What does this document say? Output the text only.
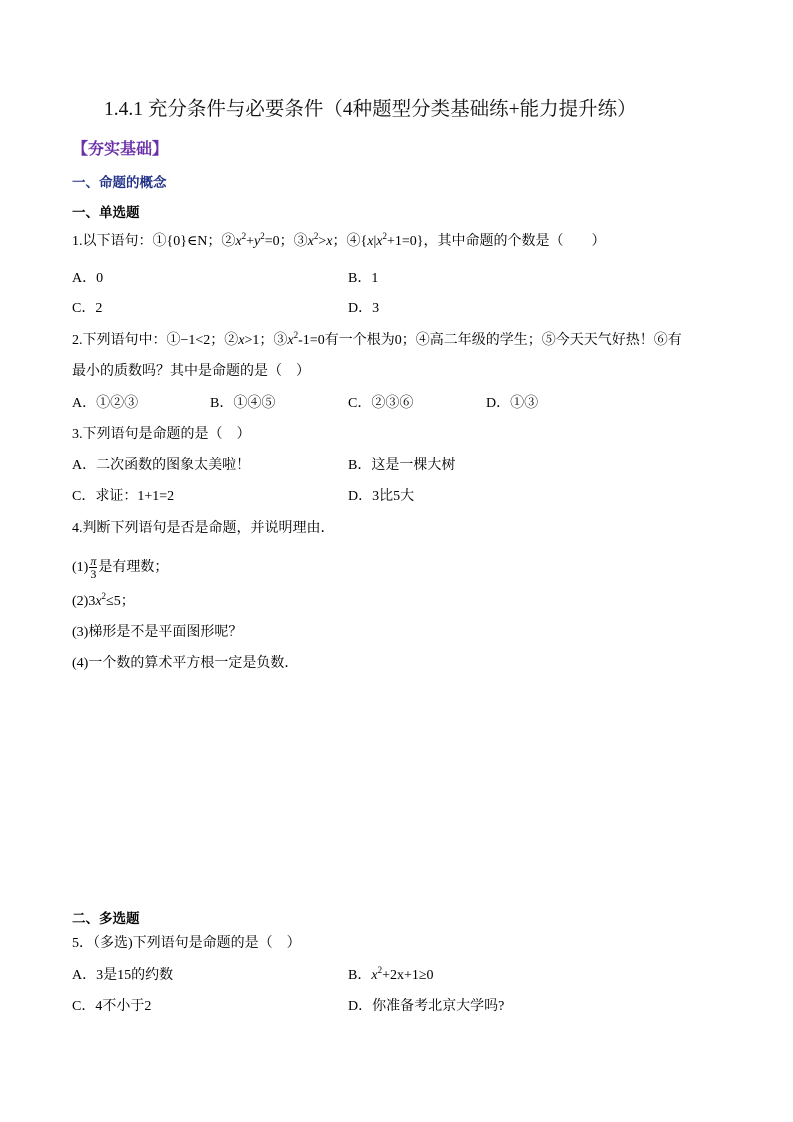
1.4.1 充分条件与必要条件（4种题型分类基础练+能力提升练）
【夯实基础】
一、命题的概念
一、单选题
1.以下语句：①{0}∈N；$②x^2+y^2=0$；$③x^2>x$；$④\{x|x^2+1=0\}$，其中命题的个数是（　　）
A．0	B．1
C．2	D．3
2.下列语句中：①−1<2；②x>1；$③x^2-1=0$有一个根为0；④高二年级的学生；⑤今天天气好热！⑥有
最小的质数吗？其中是命题的是（　）
A．①②③	B．①④⑤	C．②③⑥	D．①③
3.下列语句是命题的是（　）
A．二次函数的图象太美啦！	B．这是一棵大树
C．求证：1+1=2	D．3比5大
4.判断下列语句是否是命题，并说明理由．
$(1) \frac{\pi}{3}$ 是有理数；
$(2)3x^2\le 5$；
(3)梯形是不是平面图形呢？
(4)一个数的算术平方根一定是负数．
二、多选题
5．（多选)下列语句是命题的是（　）
A．3是15的约数	B．$x^2+2x+1\ge 0$
C．4不小于2	D．你准备考北京大学吗?
